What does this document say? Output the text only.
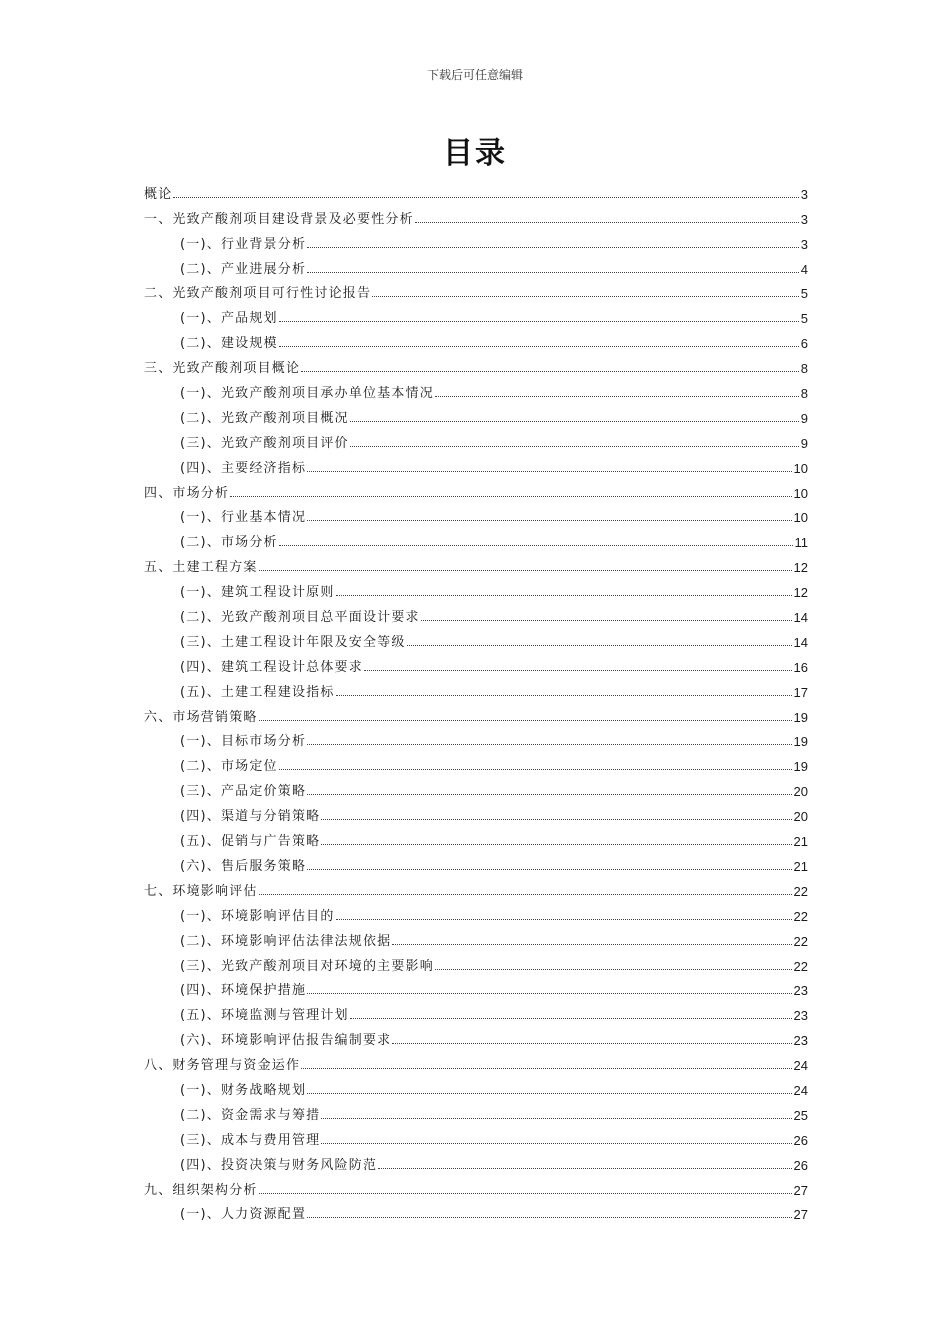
下载后可任意编辑
目录
概论	3
一、光致产酸剂项目建设背景及必要性分析	3
(一)、行业背景分析	3
(二)、产业进展分析	4
二、光致产酸剂项目可行性讨论报告	5
(一)、产品规划	5
(二)、建设规模	6
三、光致产酸剂项目概论	8
(一)、光致产酸剂项目承办单位基本情况	8
(二)、光致产酸剂项目概况	9
(三)、光致产酸剂项目评价	9
(四)、主要经济指标	10
四、市场分析	10
(一)、行业基本情况	10
(二)、市场分析	11
五、土建工程方案	12
(一)、建筑工程设计原则	12
(二)、光致产酸剂项目总平面设计要求	14
(三)、土建工程设计年限及安全等级	14
(四)、建筑工程设计总体要求	16
(五)、土建工程建设指标	17
六、市场营销策略	19
(一)、目标市场分析	19
(二)、市场定位	19
(三)、产品定价策略	20
(四)、渠道与分销策略	20
(五)、促销与广告策略	21
(六)、售后服务策略	21
七、环境影响评估	22
(一)、环境影响评估目的	22
(二)、环境影响评估法律法规依据	22
(三)、光致产酸剂项目对环境的主要影响	22
(四)、环境保护措施	23
(五)、环境监测与管理计划	23
(六)、环境影响评估报告编制要求	23
八、财务管理与资金运作	24
(一)、财务战略规划	24
(二)、资金需求与筹措	25
(三)、成本与费用管理	26
(四)、投资决策与财务风险防范	26
九、组织架构分析	27
(一)、人力资源配置	27
